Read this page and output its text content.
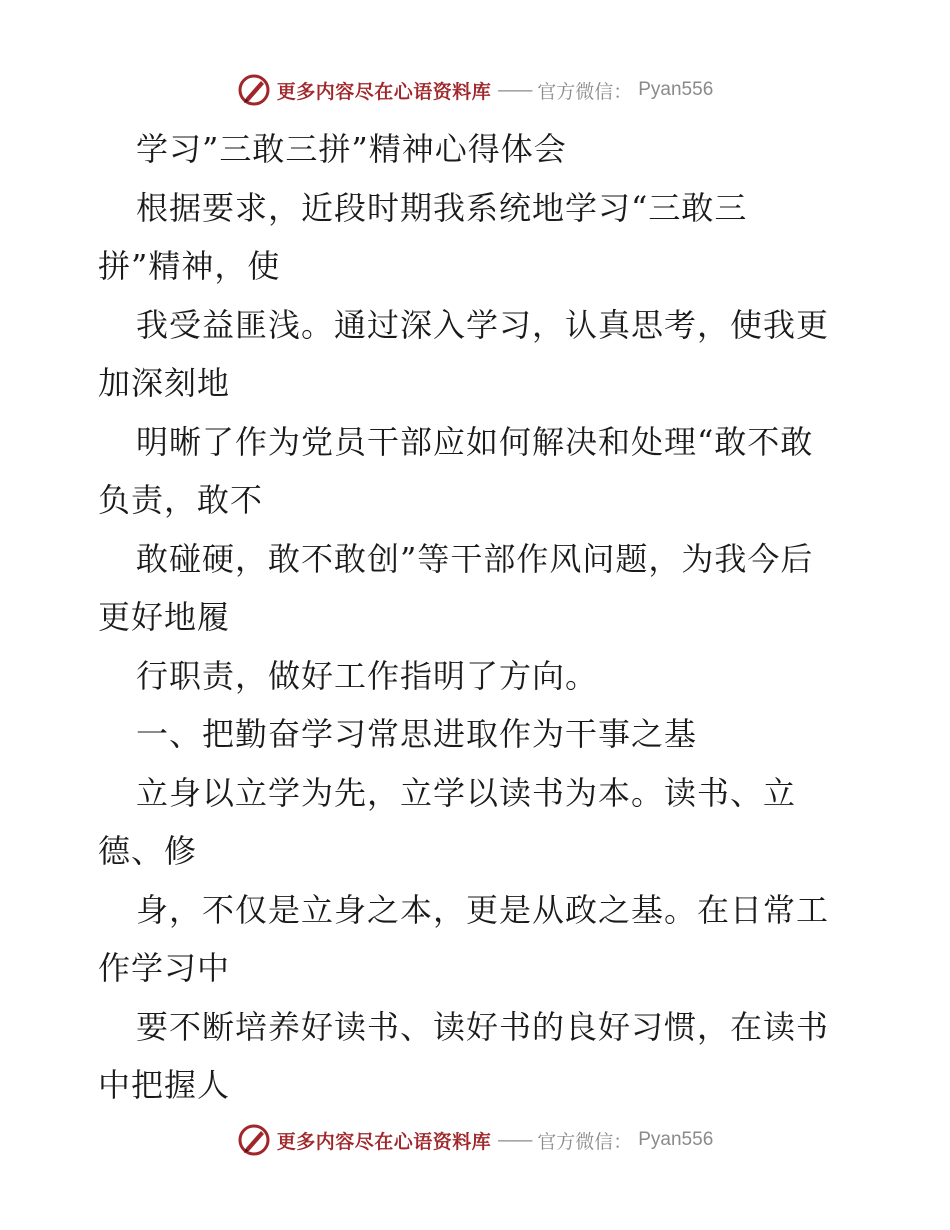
更多内容尽在心语资料库 —— 官方微信： Pyan556
学习”三敢三拼”精神心得体会
根据要求，近段时期我系统地学习“三敢三
拼”精神，使
我受益匪浅。通过深入学习，认真思考，使我更
加深刻地
明晰了作为党员干部应如何解决和处理“敢不敢
负责，敢不
敢碰硬，敢不敢创”等干部作风问题，为我今后
更好地履
行职责，做好工作指明了方向。
一、把勤奋学习常思进取作为干事之基
立身以立学为先，立学以读书为本。读书、立
德、修
身，不仅是立身之本，更是从政之基。在日常工
作学习中
要不断培养好读书、读好书的良好习惯，在读书
中把握人
更多内容尽在心语资料库 —— 官方微信： Pyan556
